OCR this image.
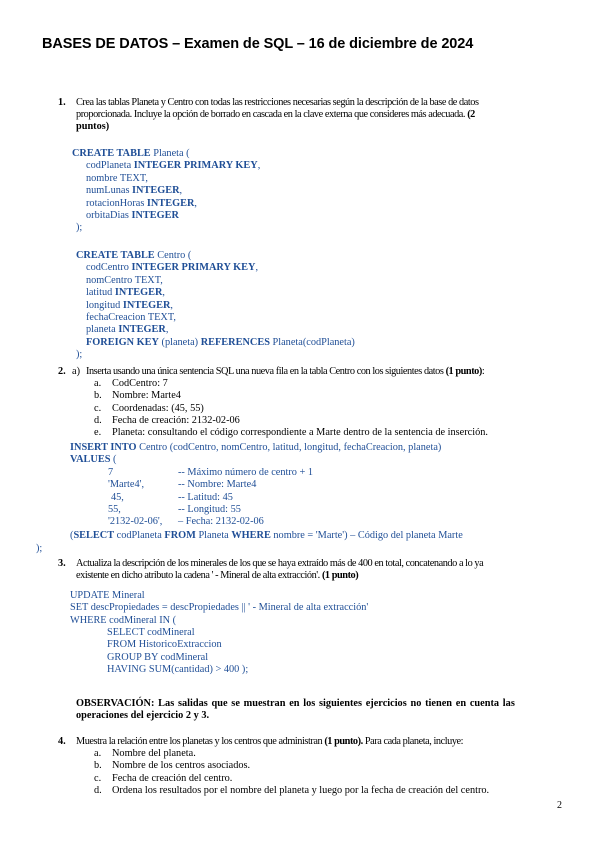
BASES DE DATOS – Examen de SQL – 16 de diciembre de 2024
1. Crea las tablas Planeta y Centro con todas las restricciones necesarias según la descripción de la base de datos
proporcionada. Incluye la opción de borrado en cascada en la clave externa que consideres más adecuada. (2
puntos)
CREATE TABLE Planeta (
codPlaneta INTEGER PRIMARY KEY,
nombre TEXT,
numLunas INTEGER,
rotacionHoras INTEGER,
orbitaDias INTEGER
);
CREATE TABLE Centro (
codCentro INTEGER PRIMARY KEY,
nomCentro TEXT,
latitud INTEGER,
longitud INTEGER,
fechaCreacion TEXT,
planeta INTEGER,
FOREIGN KEY (planeta) REFERENCES Planeta(codPlaneta)
);
2. a) Inserta usando una única sentencia SQL una nueva fila en la tabla Centro con los siguientes datos (1 punto):
a. CodCentro: 7
b. Nombre: Marte4
c. Coordenadas: (45, 55)
d. Fecha de creación: 2132-02-06
e. Planeta: consultando el código correspondiente a Marte dentro de la sentencia de inserción.
INSERT INTO Centro (codCentro, nomCentro, latitud, longitud, fechaCreacion, planeta)
VALUES (
7	-- Máximo número de centro + 1
'Marte4',	-- Nombre: Marte4
45,	-- Latitud: 45
55,	-- Longitud: 55
'2132-02-06', – Fecha: 2132-02-06
(SELECT codPlaneta FROM Planeta WHERE nombre = 'Marte') – Código del planeta Marte
);
3. Actualiza la descripción de los minerales de los que se haya extraído más de 400 en total, concatenando a lo ya
existente en dicho atributo la cadena ' - Mineral de alta extracción'. (1 punto)
UPDATE Mineral
SET descPropiedades = descPropiedades || ' - Mineral de alta extracción'
WHERE codMineral IN (
SELECT codMineral
FROM HistoricoExtraccion
GROUP BY codMineral
HAVING SUM(cantidad) > 400 );
OBSERVACIÓN: Las salidas que se muestran en los siguientes ejercicios no tienen en cuenta las
operaciones del ejercicio 2 y 3.
4. Muestra la relación entre los planetas y los centros que administran (1 punto). Para cada planeta, incluye:
a. Nombre del planeta.
b. Nombre de los centros asociados.
c. Fecha de creación del centro.
d. Ordena los resultados por el nombre del planeta y luego por la fecha de creación del centro.
2
